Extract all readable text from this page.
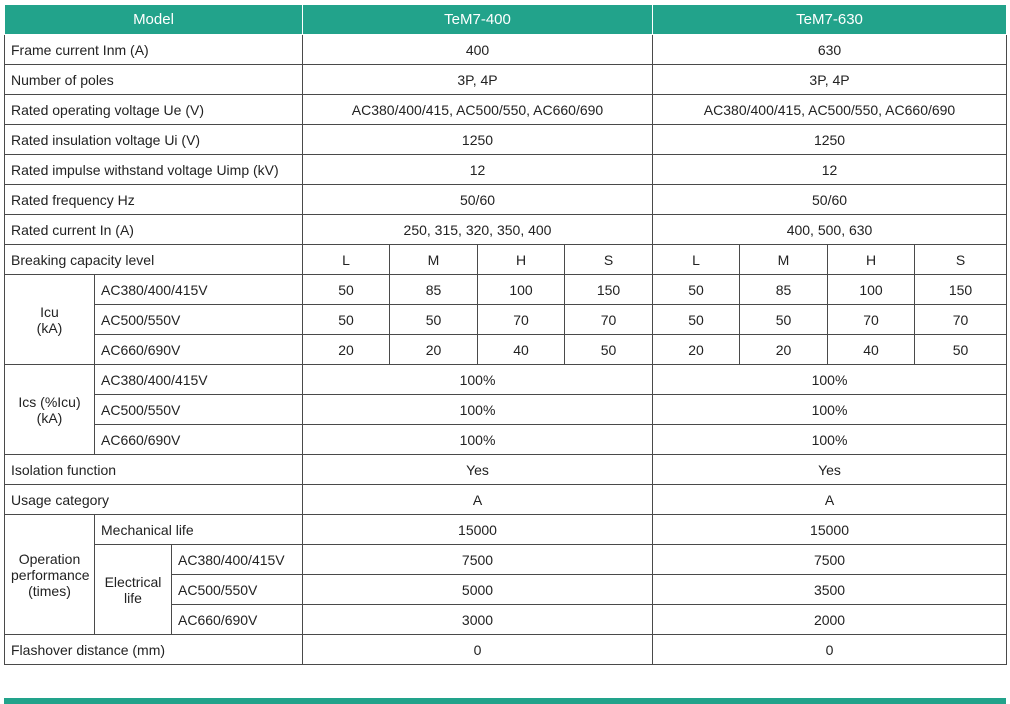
Model			TeM7-400				TeM7-630			
Frame current Inm (A)			400				630			
Number of poles			3P, 4P				3P, 4P			
Rated operating voltage Ue (V)			AC380/400/415, AC500/550, AC660/690				AC380/400/415, AC500/550, AC660/690			
Rated insulation voltage Ui (V)			1250				1250			
Rated impulse withstand voltage Uimp (kV)			12				12			
Rated frequency Hz			50/60				50/60			
Rated current In (A)			250, 315, 320, 350, 400				400, 500, 630			
Breaking capacity level			L	M	H	S	L	M	H	S
Icu
(kA)	AC380/400/415V		50	85	100	150	50	85	100	150
	AC500/550V		50	50	70	70	50	50	70	70
	AC660/690V		20	20	40	50	20	20	40	50
Ics (%Icu)
(kA)	AC380/400/415V		100%				100%			
	AC500/550V		100%				100%			
	AC660/690V		100%				100%			
Isolation function			Yes				Yes			
Usage category			A				A			
Operation
performance
(times)	Mechanical life		15000				15000			
	Electrical
life	AC380/400/415V	7500				7500			
		AC500/550V	5000				3500			
		AC660/690V	3000				2000			
Flashover distance (mm)			0				0			
